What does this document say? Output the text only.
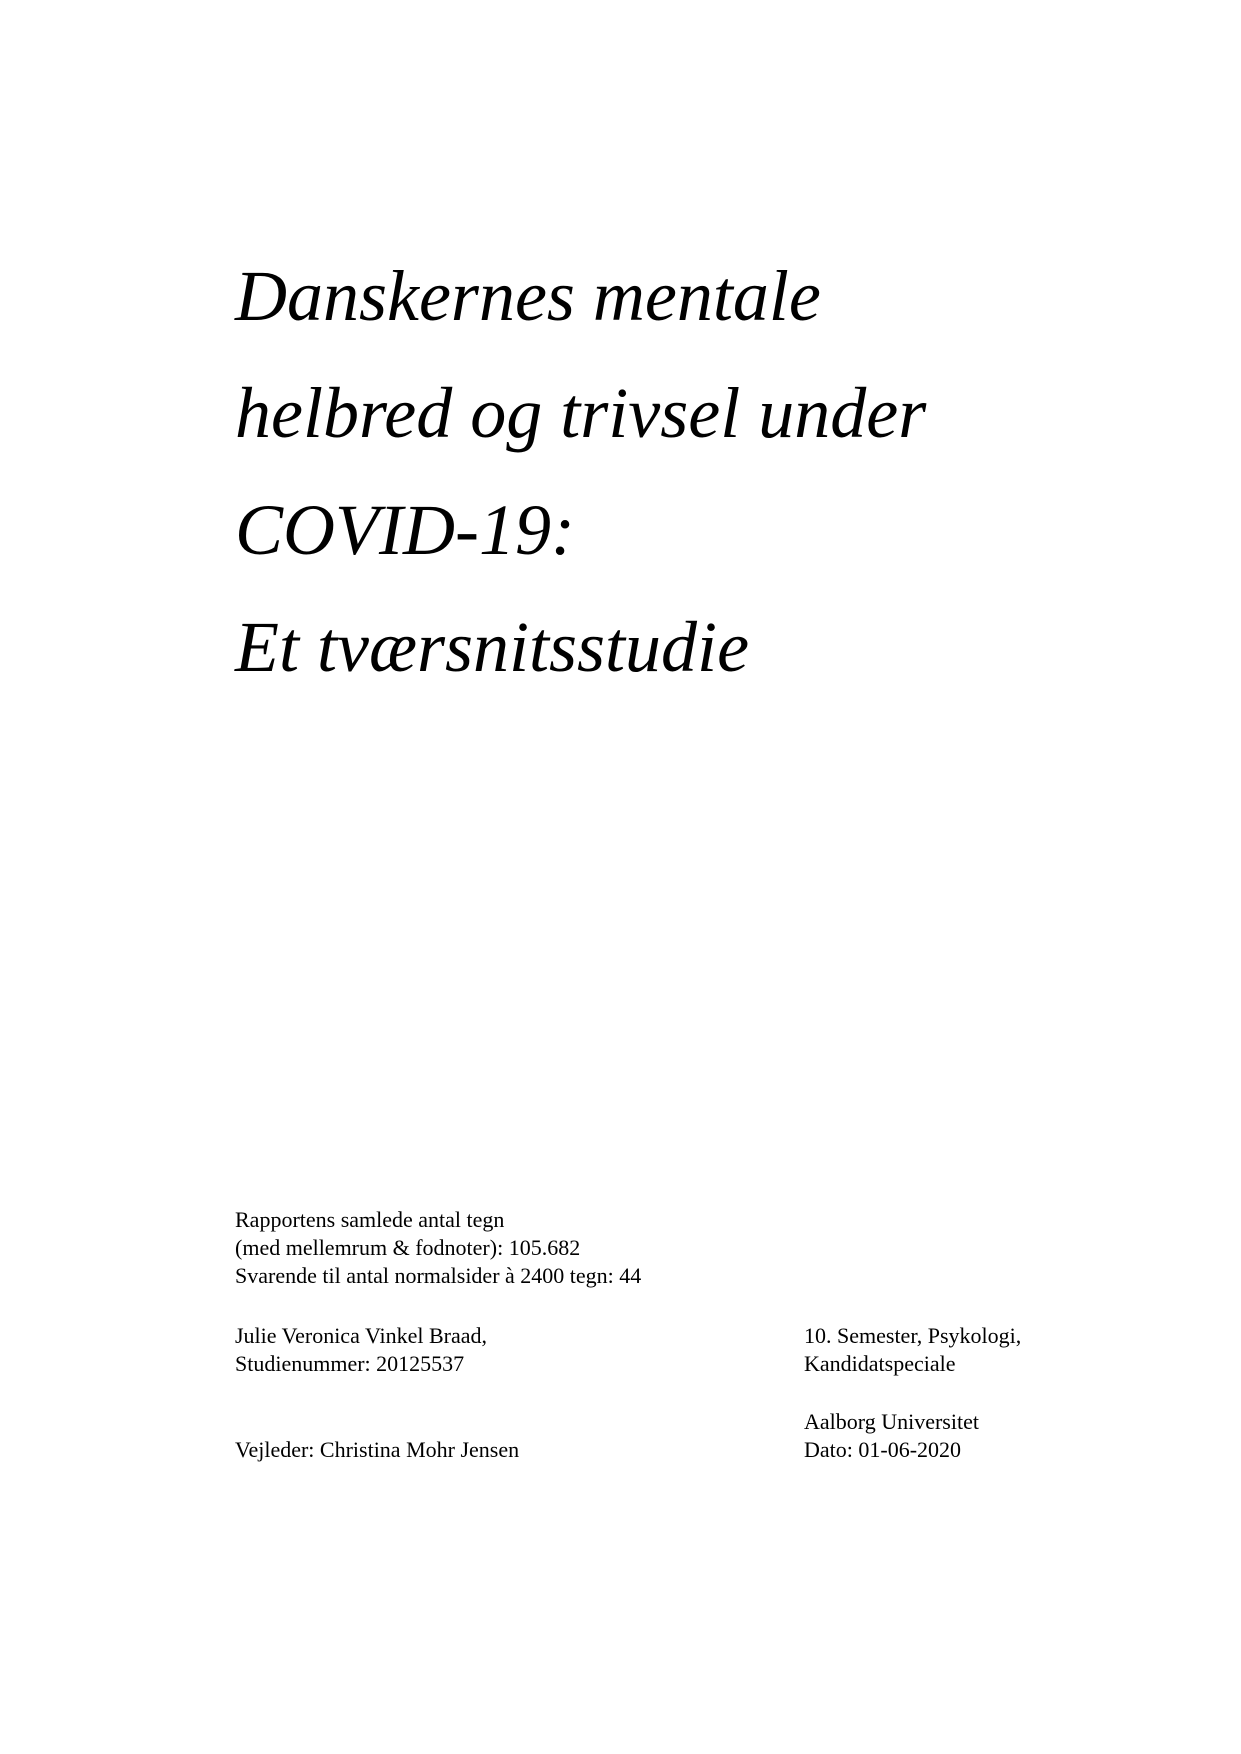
Danskernes mentale

helbred og trivsel under

COVID-19:

Et tværsnitsstudie

Rapportens samlede antal tegn

(med mellemrum & fodnoter): 105.682

Svarende til antal normalsider à 2400 tegn: 44

Julie Veronica Vinkel Braad,

Studienummer: 20125537

Vejleder: Christina Mohr Jensen

10. Semester, Psykologi,

Kandidatspeciale

Aalborg Universitet

Dato: 01-06-2020
